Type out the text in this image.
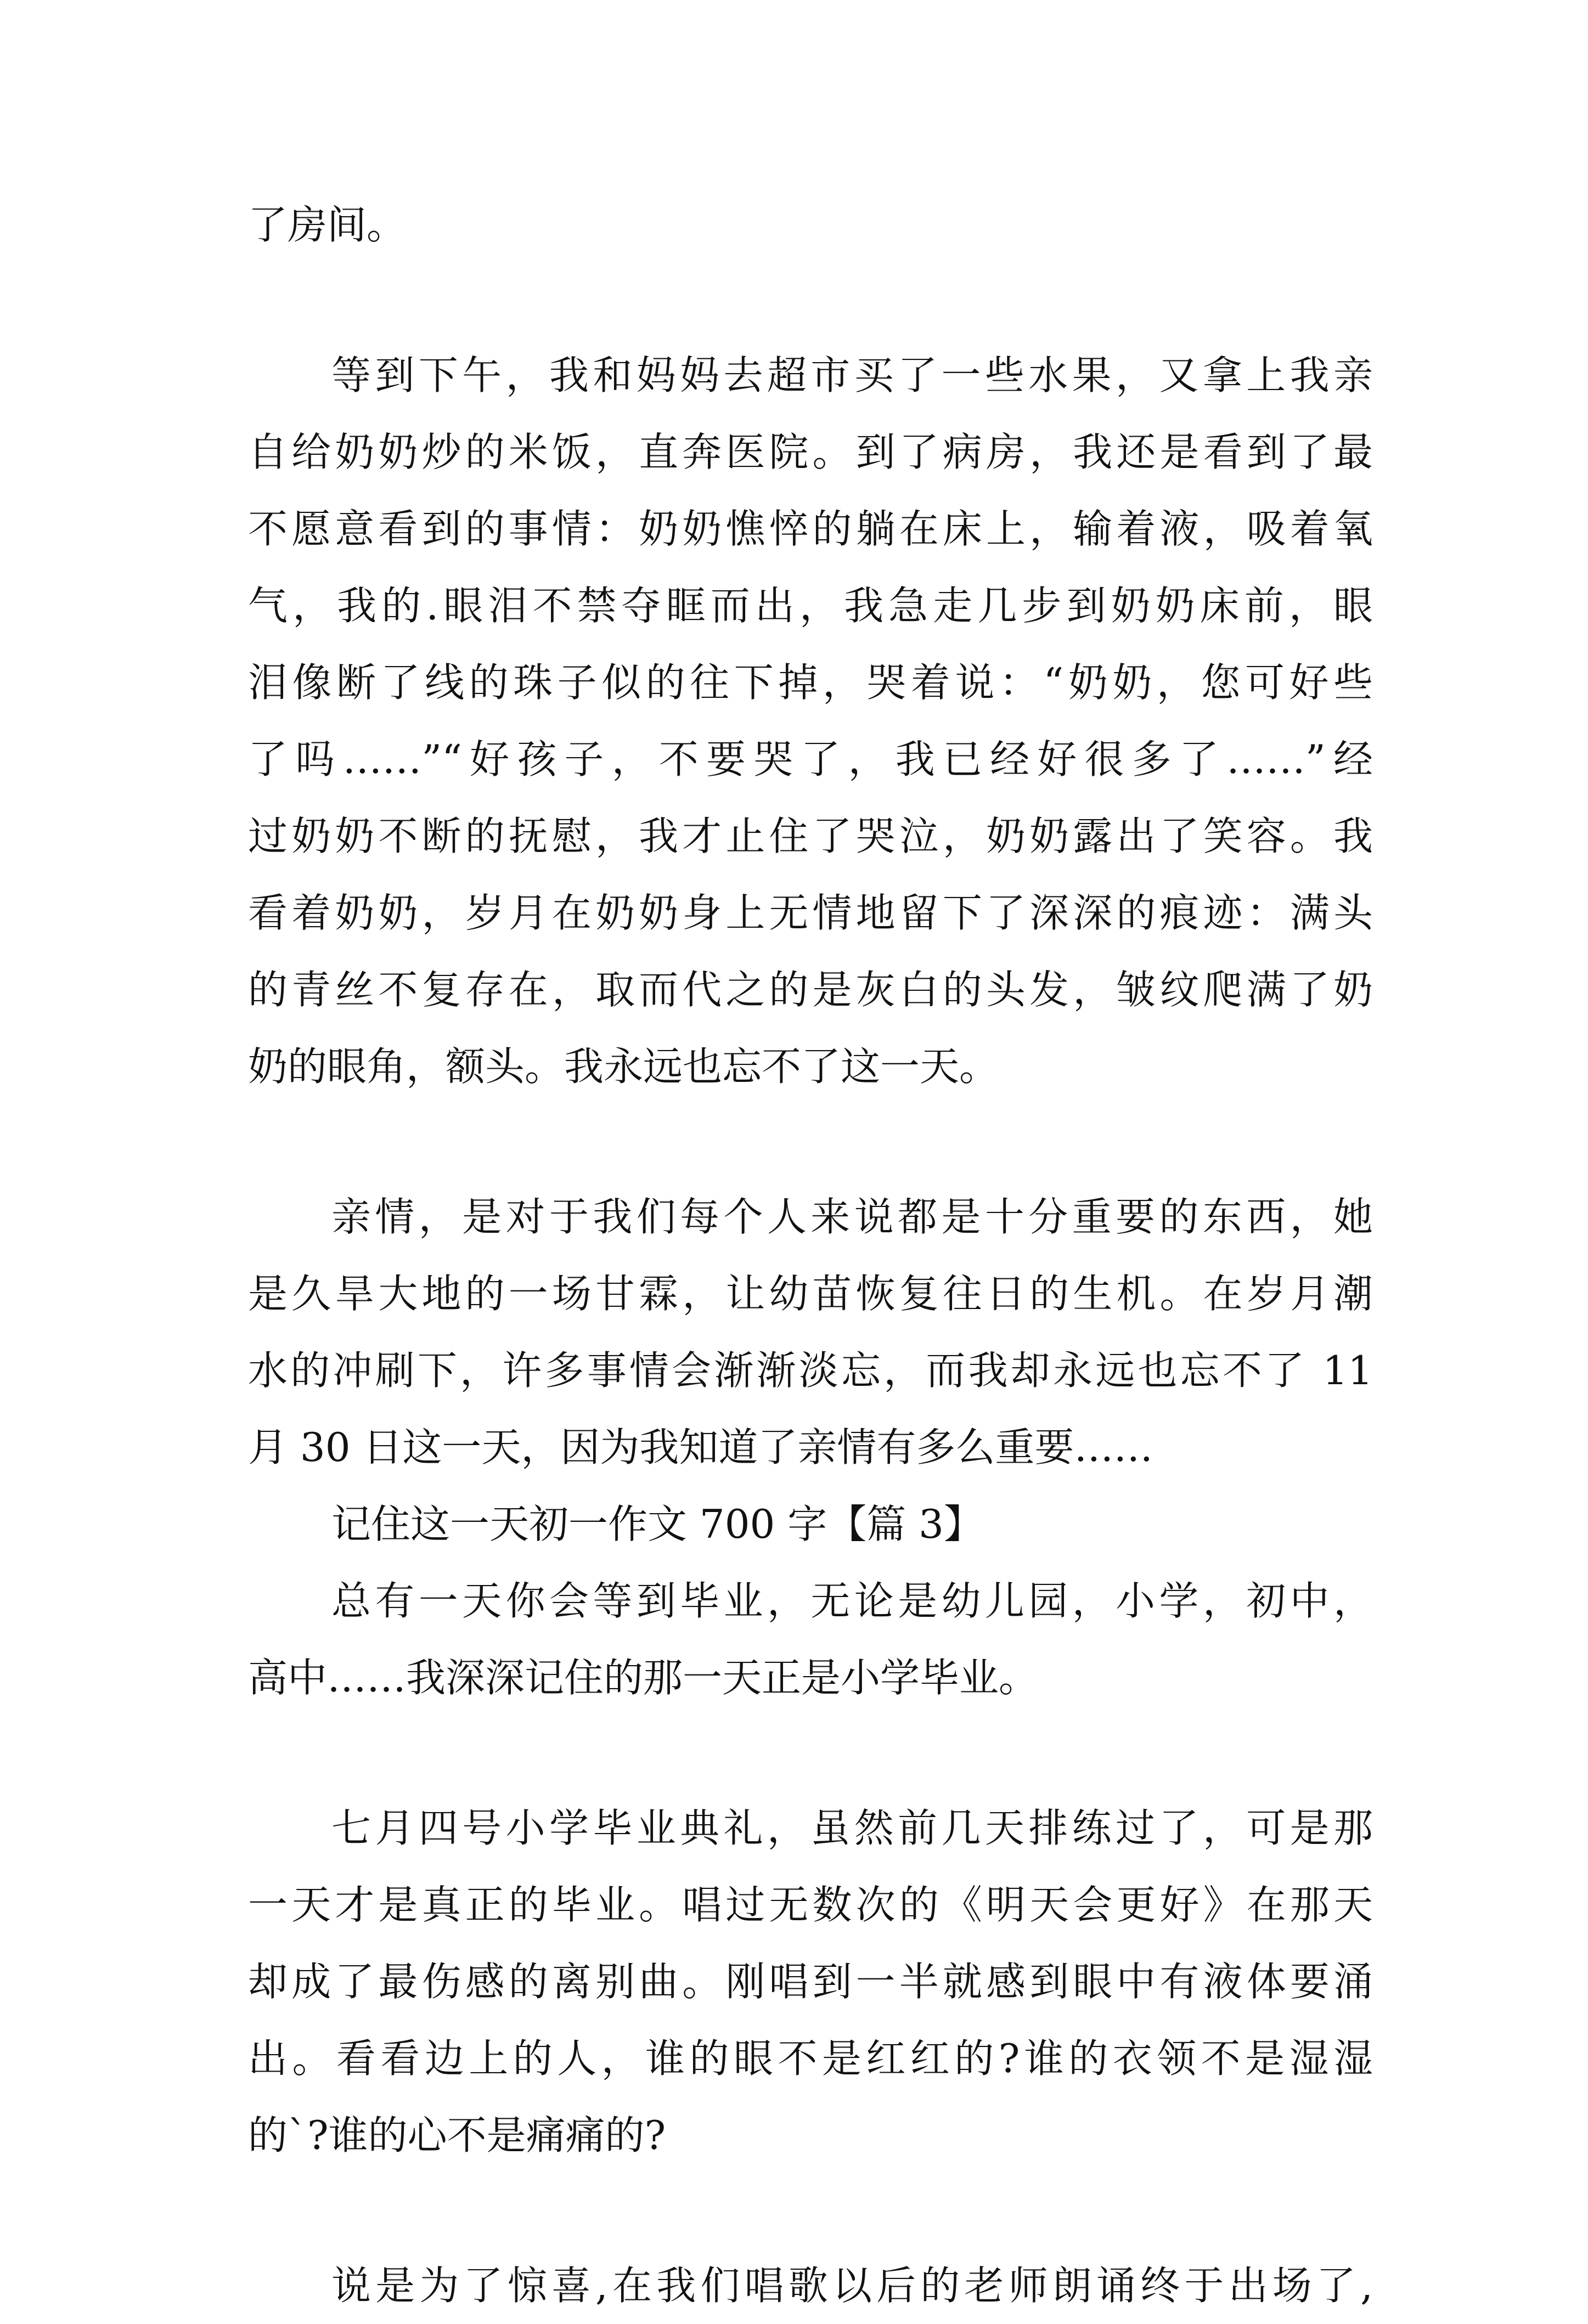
了房间。
等到下午，我和妈妈去超市买了一些水果，又拿上我亲
自给奶奶炒的米饭，直奔医院。到了病房，我还是看到了最
不愿意看到的事情：奶奶憔悴的躺在床上，输着液，吸着氧
气，我的.眼泪不禁夺眶而出，我急走几步到奶奶床前，眼
泪像断了线的珠子似的往下掉，哭着说：“奶奶，您可好些
了吗……”“好孩子，不要哭了，我已经好很多了……”经
过奶奶不断的抚慰，我才止住了哭泣，奶奶露出了笑容。我
看着奶奶，岁月在奶奶身上无情地留下了深深的痕迹：满头
的青丝不复存在，取而代之的是灰白的头发，皱纹爬满了奶
奶的眼角，额头。我永远也忘不了这一天。
亲情，是对于我们每个人来说都是十分重要的东西，她
是久旱大地的一场甘霖，让幼苗恢复往日的生机。在岁月潮
水的冲刷下，许多事情会渐渐淡忘，而我却永远也忘不了 11
月 30 日这一天，因为我知道了亲情有多么重要……
记住这一天初一作文 700 字【篇 3】
总有一天你会等到毕业，无论是幼儿园，小学，初中，
高中……我深深记住的那一天正是小学毕业。
七月四号小学毕业典礼，虽然前几天排练过了，可是那
一天才是真正的毕业。唱过无数次的《明天会更好》在那天
却成了最伤感的离别曲。刚唱到一半就感到眼中有液体要涌
出。看看边上的人，谁的眼不是红红的?谁的衣领不是湿湿
的`?谁的心不是痛痛的?
说是为了惊喜,在我们唱歌以后的老师朗诵终于出场了,
